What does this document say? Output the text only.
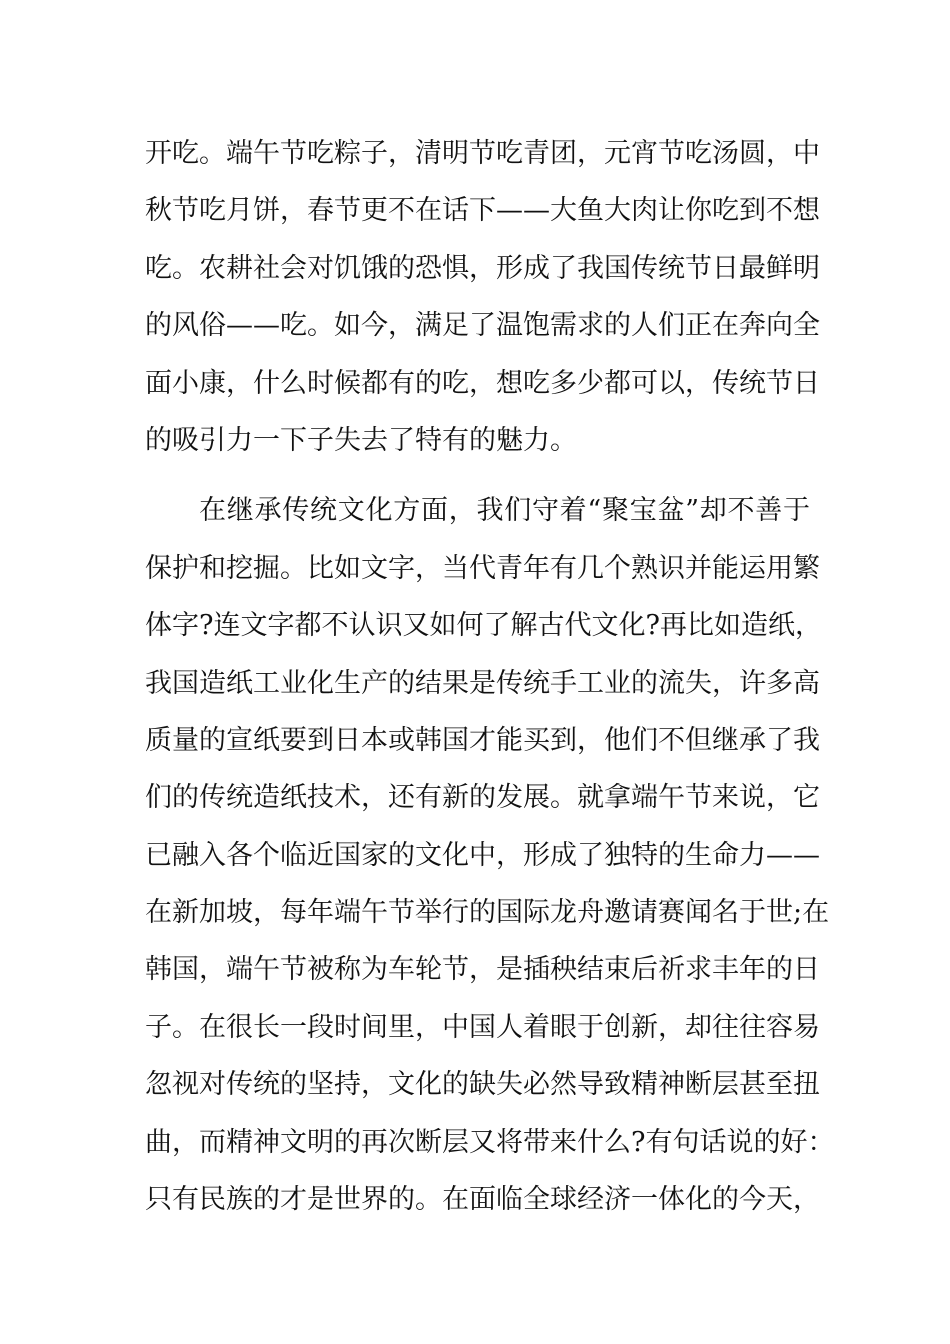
开吃。端午节吃粽子，清明节吃青团，元宵节吃汤圆，中
秋节吃月饼，春节更不在话下——大鱼大肉让你吃到不想
吃。农耕社会对饥饿的恐惧，形成了我国传统节日最鲜明
的风俗——吃。如今，满足了温饱需求的人们正在奔向全
面小康，什么时候都有的吃，想吃多少都可以，传统节日
的吸引力一下子失去了特有的魅力。
在继承传统文化方面，我们守着“聚宝盆”却不善于
保护和挖掘。比如文字，当代青年有几个熟识并能运用繁
体字?连文字都不认识又如何了解古代文化?再比如造纸，
我国造纸工业化生产的结果是传统手工业的流失，许多高
质量的宣纸要到日本或韩国才能买到，他们不但继承了我
们的传统造纸技术，还有新的发展。就拿端午节来说，它
已融入各个临近国家的文化中，形成了独特的生命力——
在新加坡，每年端午节举行的国际龙舟邀请赛闻名于世;在
韩国，端午节被称为车轮节，是插秧结束后祈求丰年的日
子。在很长一段时间里，中国人着眼于创新，却往往容易
忽视对传统的坚持，文化的缺失必然导致精神断层甚至扭
曲，而精神文明的再次断层又将带来什么?有句话说的好：
只有民族的才是世界的。在面临全球经济一体化的今天，
